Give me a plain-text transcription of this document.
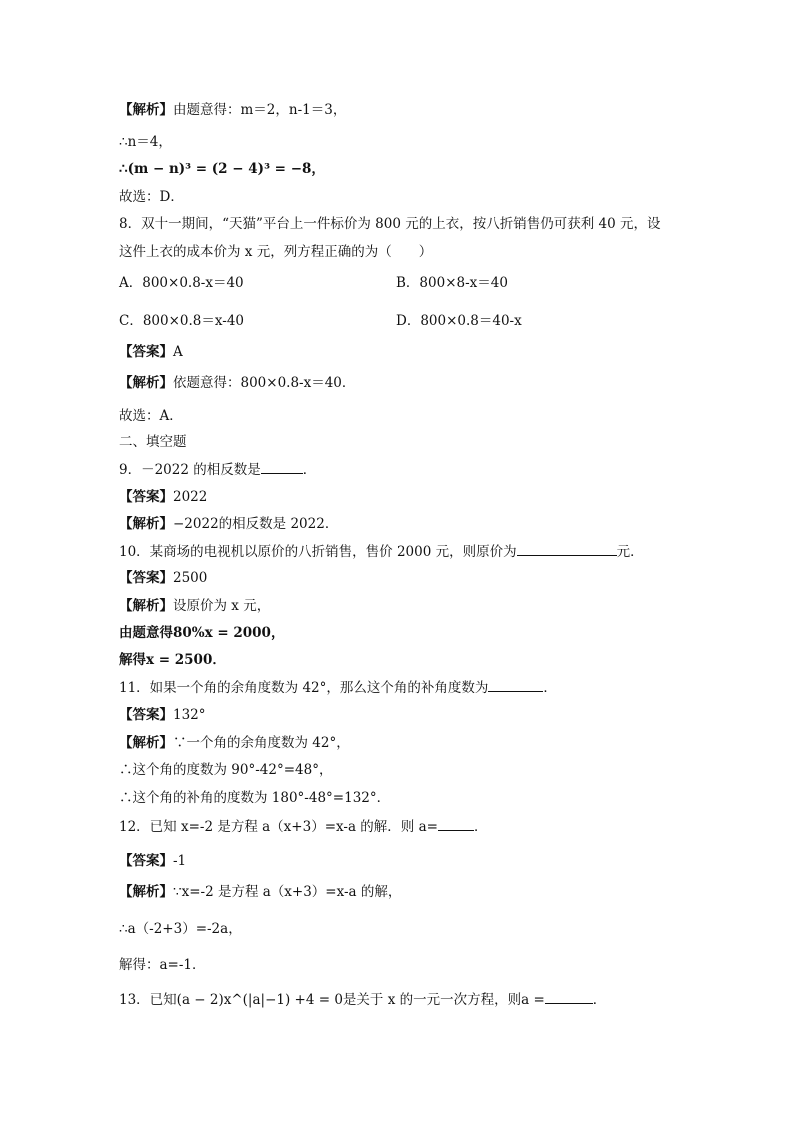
【解析】由题意得：m＝2，n-1＝3，
∴n＝4，
∴(m − n)³ = (2 − 4)³ = −8，
故选：D．
8．双十一期间，“天猫”平台上一件标价为 800 元的上衣，按八折销售仍可获利 40 元，设
这件上衣的成本价为 x 元，列方程正确的为（　　）
A．800×0.8-x＝40	B．800×8-x＝40
C．800×0.8＝x-40	D．800×0.8＝40-x
【答案】A
【解析】依题意得：800×0.8-x＝40．
故选：A．
二、填空题
9．－2022 的相反数是	．
【答案】2022
【解析】−2022的相反数是 2022．
10．某商场的电视机以原价的八折销售，售价 2000 元，则原价为	元．
【答案】2500
【解析】设原价为 x 元，
由题意得80%x = 2000，
解得x = 2500．
11．如果一个角的余角度数为 42°，那么这个角的补角度数为	．
【答案】132°
【解析】∵一个角的余角度数为 42°，
∴这个角的度数为 90°-42°=48°，
∴这个角的补角的度数为 180°-48°=132°．
12．已知 x=-2 是方程 a（x+3）=x-a 的解．则 a=	．
【答案】-1
【解析】∵x=-2 是方程 a（x+3）=x-a 的解，
∴a（-2+3）=-2a，
解得：a=-1．
13．已知(a − 2)x^(|a|−1) +4 = 0是关于 x 的一元一次方程，则a =	．
